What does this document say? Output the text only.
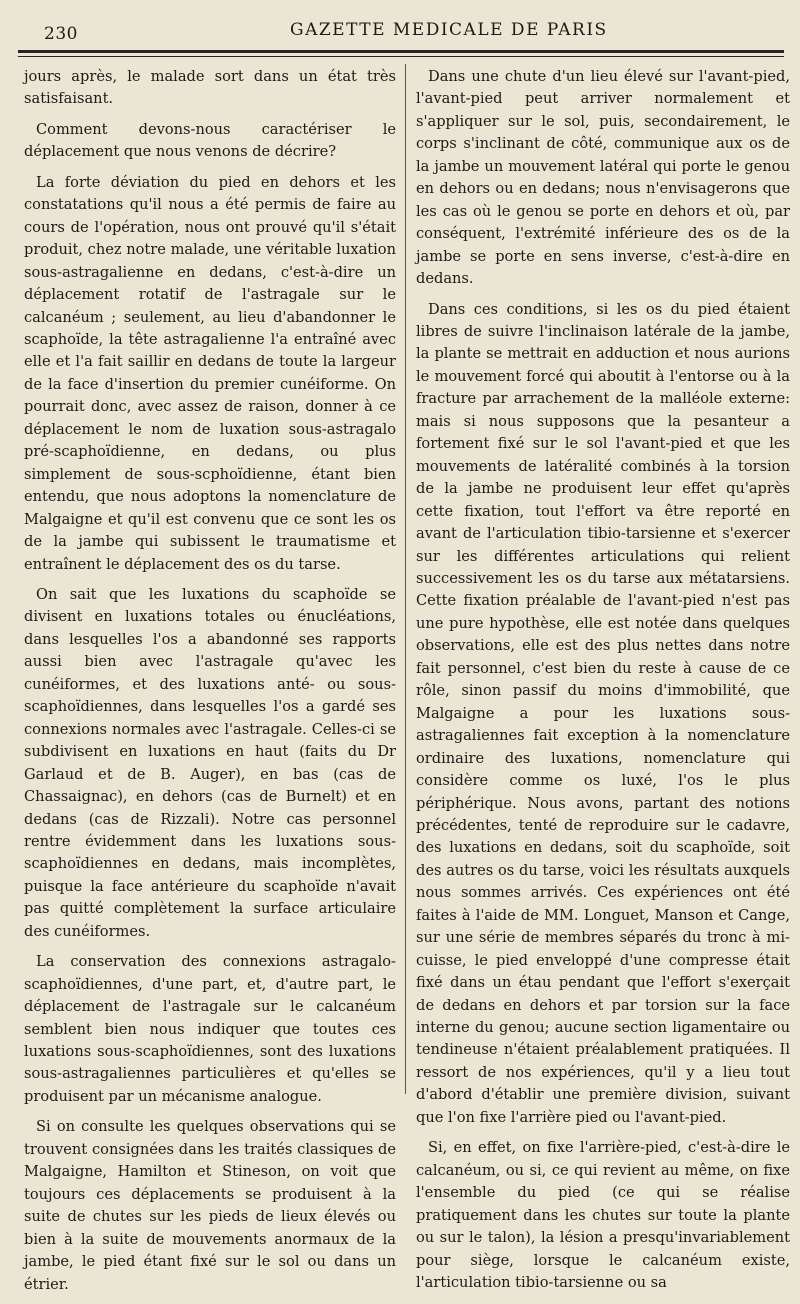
230	GAZETTE MEDICALE DE PARIS

jours après, le malade sort dans un état très satisfaisant.

Comment devons-nous caractériser le déplacement que nous venons de décrire?

La forte déviation du pied en dehors et les constatations qu'il nous a été permis de faire au cours de l'opération, nous ont prouvé qu'il s'était produit, chez notre malade, une véritable luxation sous-astragalienne en dedans, c'est-à-dire un déplacement rotatif de l'astragale sur le calcanéum ; seulement, au lieu d'abandonner le scaphoïde, la tête astragalienne l'a entraîné avec elle et l'a fait saillir en dedans de toute la largeur de la face d'insertion du premier cunéiforme. On pourrait donc, avec assez de raison, donner à ce déplacement le nom de luxation sous-astragalo pré-scaphoïdienne, en dedans, ou plus simplement de sous-scphoïdienne, étant bien entendu, que nous adoptons la nomenclature de Malgaigne et qu'il est convenu que ce sont les os de la jambe qui subissent le traumatisme et entraînent le déplacement des os du tarse.

On sait que les luxations du scaphoïde se divisent en luxations totales ou énucléations, dans lesquelles l'os a abandonné ses rapports aussi bien avec l'astragale qu'avec les cunéiformes, et des luxations anté- ou sous-scaphoïdiennes, dans lesquelles l'os a gardé ses connexions normales avec l'astragale. Celles-ci se subdivisent en luxations en haut (faits du Dr Garlaud et de B. Auger), en bas (cas de Chassaignac), en dehors (cas de Burnelt) et en dedans (cas de Rizzali). Notre cas personnel rentre évidemment dans les luxations sous-scaphoïdiennes en dedans, mais incomplètes, puisque la face antérieure du scaphoïde n'avait pas quitté complètement la surface articulaire des cunéiformes.

La conservation des connexions astragalo-scaphoïdiennes, d'une part, et, d'autre part, le déplacement de l'astragale sur le calcanéum semblent bien nous indiquer que toutes ces luxations sous-scaphoïdiennes, sont des luxations sous-astragaliennes particulières et qu'elles se produisent par un mécanisme analogue.

Si on consulte les quelques observations qui se trouvent consignées dans les traités classiques de Malgaigne, Hamilton et Stineson, on voit que toujours ces déplacements se produisent à la suite de chutes sur les pieds de lieux élevés ou bien à la suite de mouvements anormaux de la jambe, le pied étant fixé sur le sol ou dans un étrier.

Dans une chute d'un lieu élevé sur l'avant-pied, l'avant-pied peut arriver normalement et s'appliquer sur le sol, puis, secondairement, le corps s'inclinant de côté, communique aux os de la jambe un mouvement latéral qui porte le genou en dehors ou en dedans; nous n'envisagerons que les cas où le genou se porte en dehors et où, par conséquent, l'extrémité inférieure des os de la jambe se porte en sens inverse, c'est-à-dire en dedans.

Dans ces conditions, si les os du pied étaient libres de suivre l'inclinaison latérale de la jambe, la plante se mettrait en adduction et nous aurions le mouvement forcé qui aboutit à l'entorse ou à la fracture par arrachement de la malléole externe: mais si nous supposons que la pesanteur a fortement fixé sur le sol l'avant-pied et que les mouvements de latéralité combinés à la torsion de la jambe ne produisent leur effet qu'après cette fixation, tout l'effort va être reporté en avant de l'articulation tibio-tarsienne et s'exercer sur les différentes articulations qui relient successivement les os du tarse aux métatarsiens. Cette fixation préalable de l'avant-pied n'est pas une pure hypothèse, elle est notée dans quelques observations, elle est des plus nettes dans notre fait personnel, c'est bien du reste à cause de ce rôle, sinon passif du moins d'immobilité, que Malgaigne a pour les luxations sous-astragaliennes fait exception à la nomenclature ordinaire des luxations, nomenclature qui considère comme os luxé, l'os le plus périphérique. Nous avons, partant des notions précédentes, tenté de reproduire sur le cadavre, des luxations en dedans, soit du scaphoïde, soit des autres os du tarse, voici les résultats auxquels nous sommes arrivés. Ces expériences ont été faites à l'aide de MM. Longuet, Manson et Cange, sur une série de membres séparés du tronc à mi-cuisse, le pied enveloppé d'une compresse était fixé dans un étau pendant que l'effort s'exerçait de dedans en dehors et par torsion sur la face interne du genou; aucune section ligamentaire ou tendineuse n'étaient préalablement pratiquées. Il ressort de nos expériences, qu'il y a lieu tout d'abord d'établir une première division, suivant que l'on fixe l'arrière pied ou l'avant-pied.

Si, en effet, on fixe l'arrière-pied, c'est-à-dire le calcanéum, ou si, ce qui revient au même, on fixe l'ensemble du pied (ce qui se réalise pratiquement dans les chutes sur toute la plante ou sur le talon), la lésion a presqu'invariablement pour siège, lorsque le calcanéum existe, l'articulation tibio-tarsienne ou sa
